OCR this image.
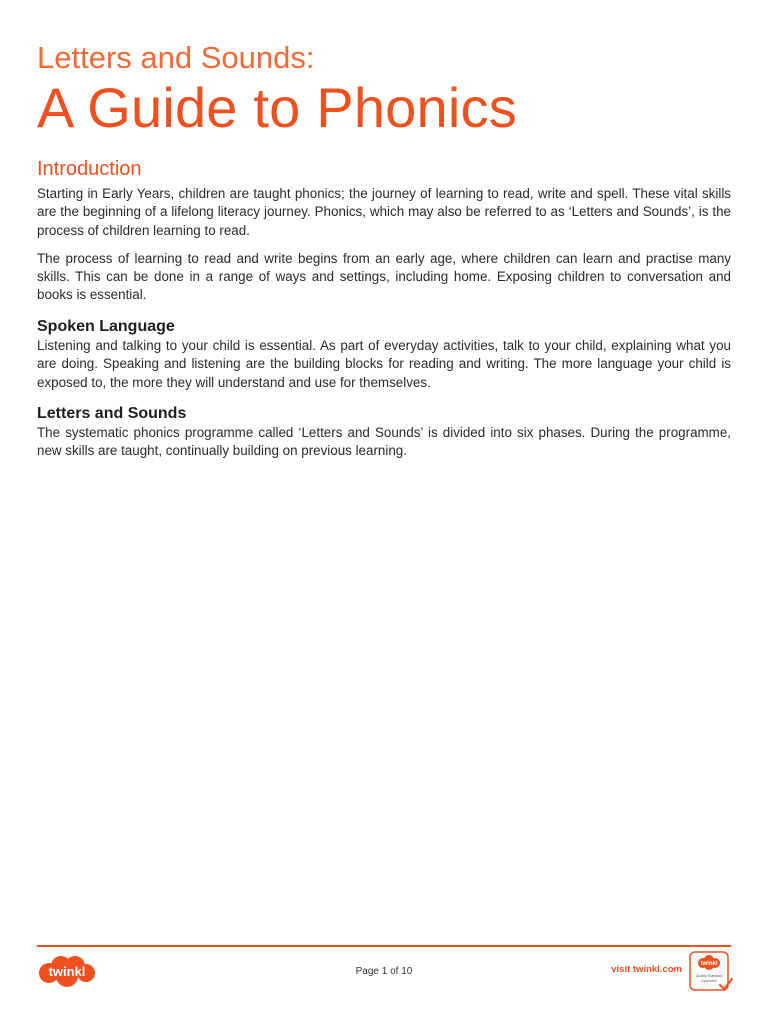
Letters and Sounds:
A Guide to Phonics
Introduction

Starting in Early Years, children are taught phonics; the journey of learning to read, write and spell. These vital skills are the beginning of a lifelong literacy journey. Phonics, which may also be referred to as ‘Letters and Sounds’, is the process of children learning to read.

The process of learning to read and write begins from an early age, where children can learn and practise many skills. This can be done in a range of ways and settings, including home. Exposing children to conversation and books is essential.

Spoken Language

Listening and talking to your child is essential. As part of everyday activities, talk to your child, explaining what you are doing. Speaking and listening are the building blocks for reading and writing. The more language your child is exposed to, the more they will understand and use for themselves.

Letters and Sounds

The systematic phonics programme called ‘Letters and Sounds’ is divided into six phases. During the programme, new skills are taught, continually building on previous learning.

twinkl	Page 1 of 10	visit twinkl.com	twinkl
Quality Standard
Approved
